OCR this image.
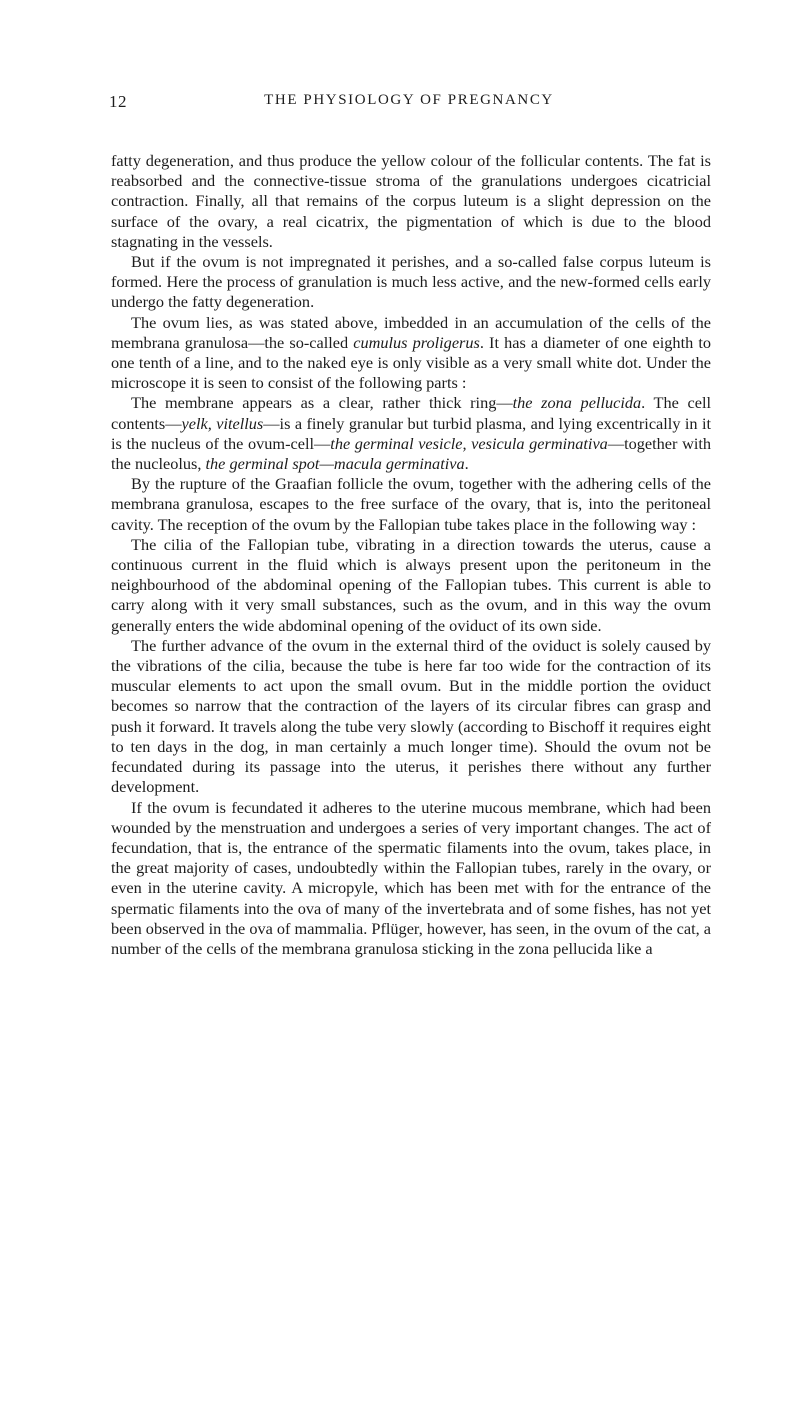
12	THE PHYSIOLOGY OF PREGNANCY

fatty degeneration, and thus produce the yellow colour of the follicular contents. The fat is reabsorbed and the connective-tissue stroma of the granulations undergoes cicatricial contraction. Finally, all that remains of the corpus luteum is a slight depression on the surface of the ovary, a real cicatrix, the pigmentation of which is due to the blood stagnating in the vessels.

But if the ovum is not impregnated it perishes, and a so-called false corpus luteum is formed. Here the process of granulation is much less active, and the new-formed cells early undergo the fatty degeneration.

The ovum lies, as was stated above, imbedded in an accumulation of the cells of the membrana granulosa—the so-called cumulus proligerus. It has a diameter of one eighth to one tenth of a line, and to the naked eye is only visible as a very small white dot. Under the microscope it is seen to consist of the following parts :

The membrane appears as a clear, rather thick ring—the zona pellucida. The cell contents—yelk, vitellus—is a finely granular but turbid plasma, and lying excentrically in it is the nucleus of the ovum-cell—the germinal vesicle, vesicula germinativa—together with the nucleolus, the germinal spot—macula germinativa.

By the rupture of the Graafian follicle the ovum, together with the adhering cells of the membrana granulosa, escapes to the free surface of the ovary, that is, into the peritoneal cavity. The reception of the ovum by the Fallopian tube takes place in the following way :

The cilia of the Fallopian tube, vibrating in a direction towards the uterus, cause a continuous current in the fluid which is always present upon the peritoneum in the neighbourhood of the abdominal opening of the Fallopian tubes. This current is able to carry along with it very small substances, such as the ovum, and in this way the ovum generally enters the wide abdominal opening of the oviduct of its own side.

The further advance of the ovum in the external third of the oviduct is solely caused by the vibrations of the cilia, because the tube is here far too wide for the contraction of its muscular elements to act upon the small ovum. But in the middle portion the oviduct becomes so narrow that the contraction of the layers of its circular fibres can grasp and push it forward. It travels along the tube very slowly (according to Bischoff it requires eight to ten days in the dog, in man certainly a much longer time). Should the ovum not be fecundated during its passage into the uterus, it perishes there without any further development.

If the ovum is fecundated it adheres to the uterine mucous membrane, which had been wounded by the menstruation and undergoes a series of very important changes. The act of fecundation, that is, the entrance of the spermatic filaments into the ovum, takes place, in the great majority of cases, undoubtedly within the Fallopian tubes, rarely in the ovary, or even in the uterine cavity. A micropyle, which has been met with for the entrance of the spermatic filaments into the ova of many of the invertebrata and of some fishes, has not yet been observed in the ova of mammalia. Pflüger, however, has seen, in the ovum of the cat, a number of the cells of the membrana granulosa sticking in the zona pellucida like a
